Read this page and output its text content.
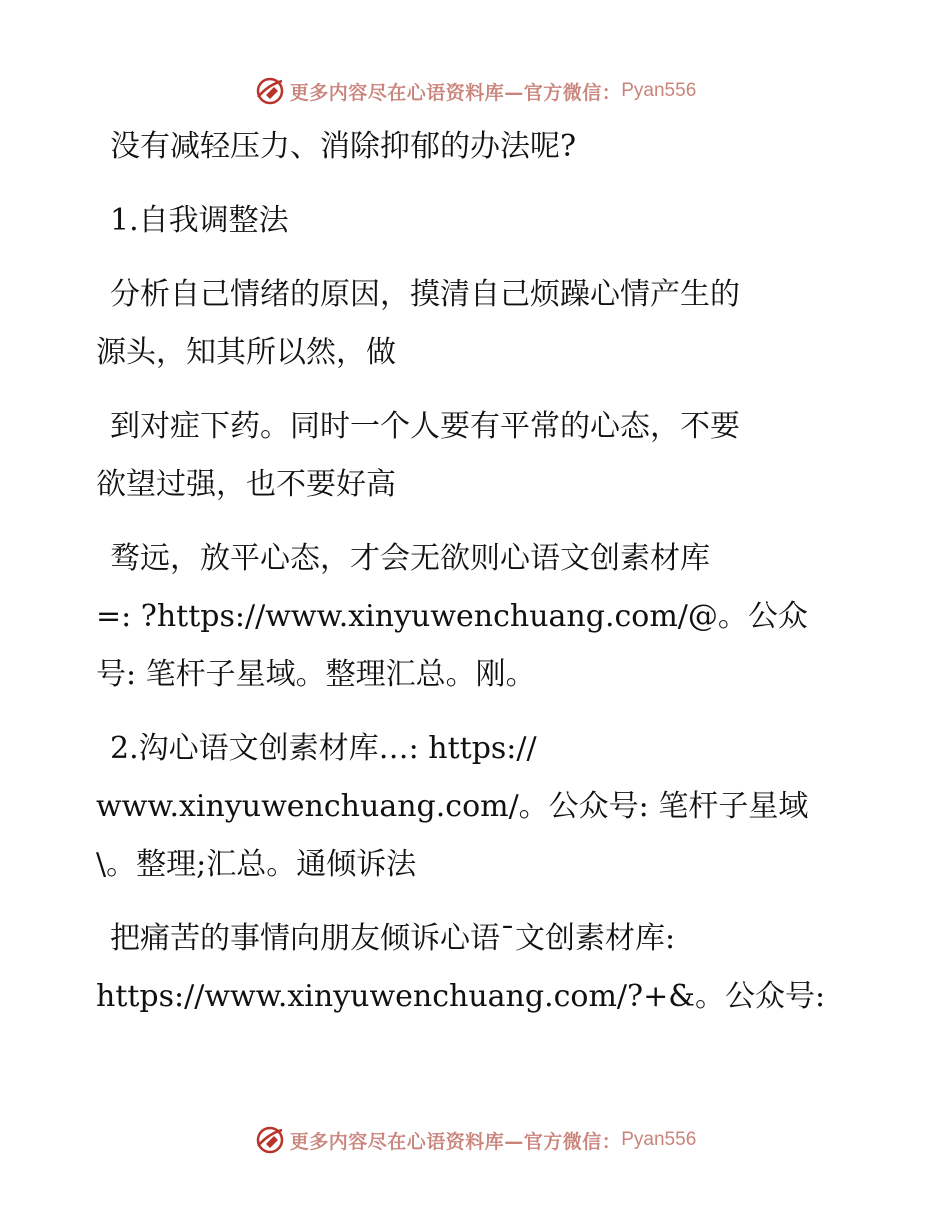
更多内容尽在心语资料库—官方微信： Pyan556

没有减轻压力、消除抑郁的办法呢?

1.自我调整法

分析自己情绪的原因，摸清自己烦躁心情产生的
源头，知其所以然，做

到对症下药。同时一个人要有平常的心态，不要
欲望过强，也不要好高

骛远，放平心态，才会无欲则心语文创素材库
=: ?https://www.xinyuwenchuang.com/@。公众
号: 笔杆子星域。整理汇总。刚。

2.沟心语文创素材库…: https://
www.xinyuwenchuang.com/。公众号: 笔杆子星域
\。整理;汇总。通倾诉法

把痛苦的事情向朋友倾诉心语¯文创素材库:
https://www.xinyuwenchuang.com/?+&。公众号:

更多内容尽在心语资料库—官方微信： Pyan556
